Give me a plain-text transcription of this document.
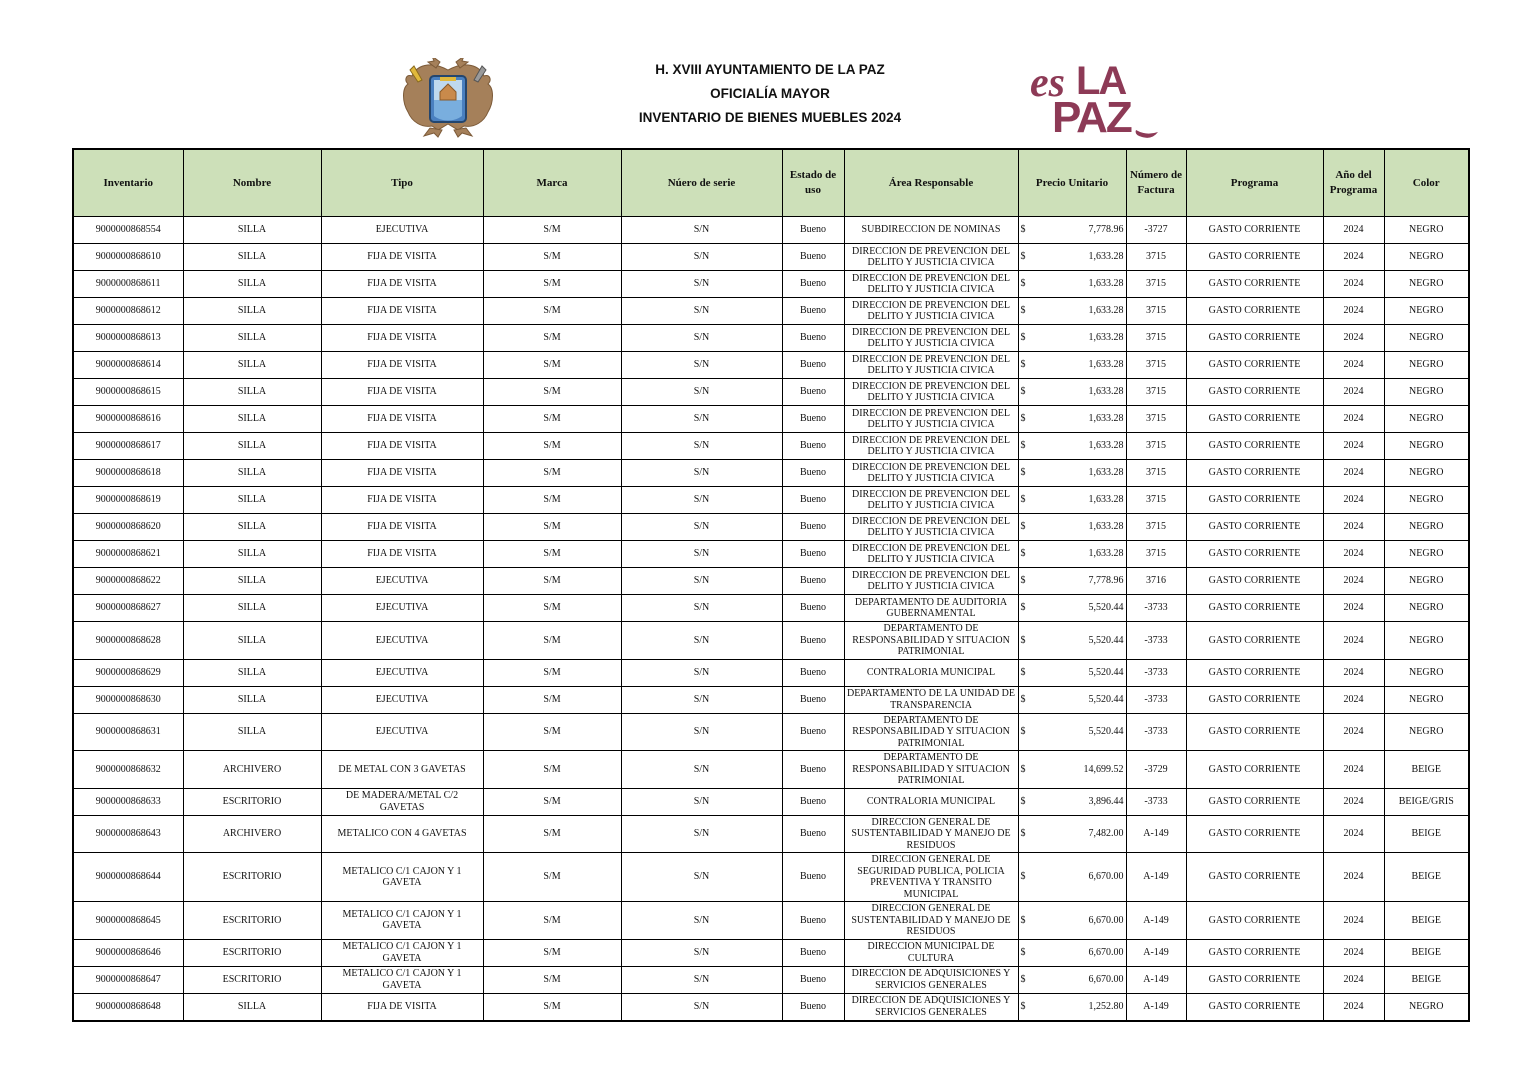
H. XVIII AYUNTAMIENTO DE LA PAZ
OFICIALÍA MAYOR
INVENTARIO DE BIENES MUEBLES 2024
es LA
PAZ
Inventario	Nombre	Tipo	Marca	Núero de serie	Estado de uso	Área Responsable	Precio Unitario	Número de Factura	Programa	Año del Programa	Color
9000000868554	SILLA	EJECUTIVA	S/M	S/N	Bueno	SUBDIRECCION DE NOMINAS	$ 7,778.96	-3727	GASTO CORRIENTE	2024	NEGRO
9000000868610	SILLA	FIJA DE VISITA	S/M	S/N	Bueno	DIRECCION DE PREVENCION DEL DELITO Y JUSTICIA CIVICA	$ 1,633.28	3715	GASTO CORRIENTE	2024	NEGRO
9000000868611	SILLA	FIJA DE VISITA	S/M	S/N	Bueno	DIRECCION DE PREVENCION DEL DELITO Y JUSTICIA CIVICA	$ 1,633.28	3715	GASTO CORRIENTE	2024	NEGRO
9000000868612	SILLA	FIJA DE VISITA	S/M	S/N	Bueno	DIRECCION DE PREVENCION DEL DELITO Y JUSTICIA CIVICA	$ 1,633.28	3715	GASTO CORRIENTE	2024	NEGRO
9000000868613	SILLA	FIJA DE VISITA	S/M	S/N	Bueno	DIRECCION DE PREVENCION DEL DELITO Y JUSTICIA CIVICA	$ 1,633.28	3715	GASTO CORRIENTE	2024	NEGRO
9000000868614	SILLA	FIJA DE VISITA	S/M	S/N	Bueno	DIRECCION DE PREVENCION DEL DELITO Y JUSTICIA CIVICA	$ 1,633.28	3715	GASTO CORRIENTE	2024	NEGRO
9000000868615	SILLA	FIJA DE VISITA	S/M	S/N	Bueno	DIRECCION DE PREVENCION DEL DELITO Y JUSTICIA CIVICA	$ 1,633.28	3715	GASTO CORRIENTE	2024	NEGRO
9000000868616	SILLA	FIJA DE VISITA	S/M	S/N	Bueno	DIRECCION DE PREVENCION DEL DELITO Y JUSTICIA CIVICA	$ 1,633.28	3715	GASTO CORRIENTE	2024	NEGRO
9000000868617	SILLA	FIJA DE VISITA	S/M	S/N	Bueno	DIRECCION DE PREVENCION DEL DELITO Y JUSTICIA CIVICA	$ 1,633.28	3715	GASTO CORRIENTE	2024	NEGRO
9000000868618	SILLA	FIJA DE VISITA	S/M	S/N	Bueno	DIRECCION DE PREVENCION DEL DELITO Y JUSTICIA CIVICA	$ 1,633.28	3715	GASTO CORRIENTE	2024	NEGRO
9000000868619	SILLA	FIJA DE VISITA	S/M	S/N	Bueno	DIRECCION DE PREVENCION DEL DELITO Y JUSTICIA CIVICA	$ 1,633.28	3715	GASTO CORRIENTE	2024	NEGRO
9000000868620	SILLA	FIJA DE VISITA	S/M	S/N	Bueno	DIRECCION DE PREVENCION DEL DELITO Y JUSTICIA CIVICA	$ 1,633.28	3715	GASTO CORRIENTE	2024	NEGRO
9000000868621	SILLA	FIJA DE VISITA	S/M	S/N	Bueno	DIRECCION DE PREVENCION DEL DELITO Y JUSTICIA CIVICA	$ 1,633.28	3715	GASTO CORRIENTE	2024	NEGRO
9000000868622	SILLA	EJECUTIVA	S/M	S/N	Bueno	DIRECCION DE PREVENCION DEL DELITO Y JUSTICIA CIVICA	$ 7,778.96	3716	GASTO CORRIENTE	2024	NEGRO
9000000868627	SILLA	EJECUTIVA	S/M	S/N	Bueno	DEPARTAMENTO DE AUDITORIA GUBERNAMENTAL	$ 5,520.44	-3733	GASTO CORRIENTE	2024	NEGRO
9000000868628	SILLA	EJECUTIVA	S/M	S/N	Bueno	DEPARTAMENTO DE RESPONSABILIDAD Y SITUACION PATRIMONIAL	$ 5,520.44	-3733	GASTO CORRIENTE	2024	NEGRO
9000000868629	SILLA	EJECUTIVA	S/M	S/N	Bueno	CONTRALORIA MUNICIPAL	$ 5,520.44	-3733	GASTO CORRIENTE	2024	NEGRO
9000000868630	SILLA	EJECUTIVA	S/M	S/N	Bueno	DEPARTAMENTO DE LA UNIDAD DE TRANSPARENCIA	$ 5,520.44	-3733	GASTO CORRIENTE	2024	NEGRO
9000000868631	SILLA	EJECUTIVA	S/M	S/N	Bueno	DEPARTAMENTO DE RESPONSABILIDAD Y SITUACION PATRIMONIAL	$ 5,520.44	-3733	GASTO CORRIENTE	2024	NEGRO
9000000868632	ARCHIVERO	DE METAL CON 3 GAVETAS	S/M	S/N	Bueno	DEPARTAMENTO DE RESPONSABILIDAD Y SITUACION PATRIMONIAL	$ 14,699.52	-3729	GASTO CORRIENTE	2024	BEIGE
9000000868633	ESCRITORIO	DE MADERA/METAL C/2 GAVETAS	S/M	S/N	Bueno	CONTRALORIA MUNICIPAL	$ 3,896.44	-3733	GASTO CORRIENTE	2024	BEIGE/GRIS
9000000868643	ARCHIVERO	METALICO CON 4 GAVETAS	S/M	S/N	Bueno	DIRECCION GENERAL DE SUSTENTABILIDAD Y MANEJO DE RESIDUOS	$ 7,482.00	A-149	GASTO CORRIENTE	2024	BEIGE
9000000868644	ESCRITORIO	METALICO C/1 CAJON Y 1 GAVETA	S/M	S/N	Bueno	DIRECCION GENERAL DE SEGURIDAD PUBLICA, POLICIA PREVENTIVA Y TRANSITO MUNICIPAL	$ 6,670.00	A-149	GASTO CORRIENTE	2024	BEIGE
9000000868645	ESCRITORIO	METALICO C/1 CAJON Y 1 GAVETA	S/M	S/N	Bueno	DIRECCION GENERAL DE SUSTENTABILIDAD Y MANEJO DE RESIDUOS	$ 6,670.00	A-149	GASTO CORRIENTE	2024	BEIGE
9000000868646	ESCRITORIO	METALICO C/1 CAJON Y 1 GAVETA	S/M	S/N	Bueno	DIRECCION MUNICIPAL DE CULTURA	$ 6,670.00	A-149	GASTO CORRIENTE	2024	BEIGE
9000000868647	ESCRITORIO	METALICO C/1 CAJON Y 1 GAVETA	S/M	S/N	Bueno	DIRECCION DE ADQUISICIONES Y SERVICIOS GENERALES	$ 6,670.00	A-149	GASTO CORRIENTE	2024	BEIGE
9000000868648	SILLA	FIJA DE VISITA	S/M	S/N	Bueno	DIRECCION DE ADQUISICIONES Y SERVICIOS GENERALES	$ 1,252.80	A-149	GASTO CORRIENTE	2024	NEGRO
